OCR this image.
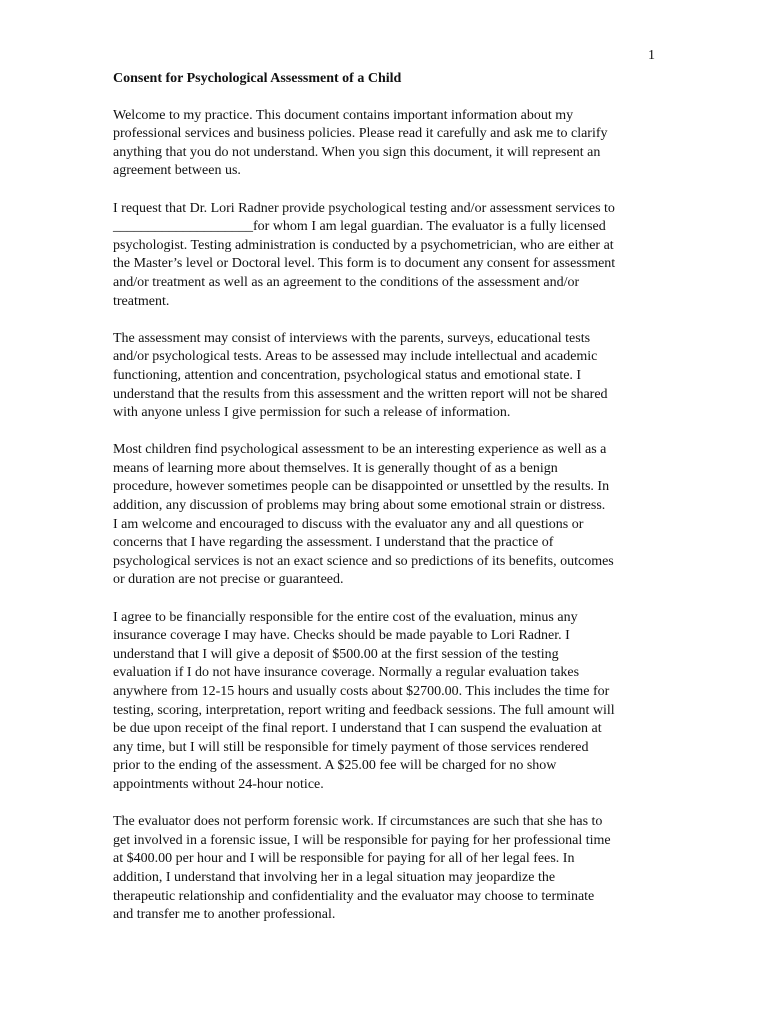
1
Consent for Psychological Assessment of a Child

Welcome to my practice. This document contains important information about my
professional services and business policies. Please read it carefully and ask me to clarify
anything that you do not understand. When you sign this document, it will represent an
agreement between us.

I request that Dr. Lori Radner provide psychological testing and/or assessment services to
____________________for whom I am legal guardian. The evaluator is a fully licensed
psychologist. Testing administration is conducted by a psychometrician, who are either at
the Master’s level or Doctoral level. This form is to document any consent for assessment
and/or treatment as well as an agreement to the conditions of the assessment and/or
treatment.

The assessment may consist of interviews with the parents, surveys, educational tests
and/or psychological tests. Areas to be assessed may include intellectual and academic
functioning, attention and concentration, psychological status and emotional state. I
understand that the results from this assessment and the written report will not be shared
with anyone unless I give permission for such a release of information.

Most children find psychological assessment to be an interesting experience as well as a
means of learning more about themselves. It is generally thought of as a benign
procedure, however sometimes people can be disappointed or unsettled by the results. In
addition, any discussion of problems may bring about some emotional strain or distress.
I am welcome and encouraged to discuss with the evaluator any and all questions or
concerns that I have regarding the assessment. I understand that the practice of
psychological services is not an exact science and so predictions of its benefits, outcomes
or duration are not precise or guaranteed.

I agree to be financially responsible for the entire cost of the evaluation, minus any
insurance coverage I may have. Checks should be made payable to Lori Radner. I
understand that I will give a deposit of $500.00 at the first session of the testing
evaluation if I do not have insurance coverage. Normally a regular evaluation takes
anywhere from 12-15 hours and usually costs about $2700.00. This includes the time for
testing, scoring, interpretation, report writing and feedback sessions. The full amount will
be due upon receipt of the final report. I understand that I can suspend the evaluation at
any time, but I will still be responsible for timely payment of those services rendered
prior to the ending of the assessment. A $25.00 fee will be charged for no show
appointments without 24-hour notice.

The evaluator does not perform forensic work. If circumstances are such that she has to
get involved in a forensic issue, I will be responsible for paying for her professional time
at $400.00 per hour and I will be responsible for paying for all of her legal fees. In
addition, I understand that involving her in a legal situation may jeopardize the
therapeutic relationship and confidentiality and the evaluator may choose to terminate
and transfer me to another professional.
